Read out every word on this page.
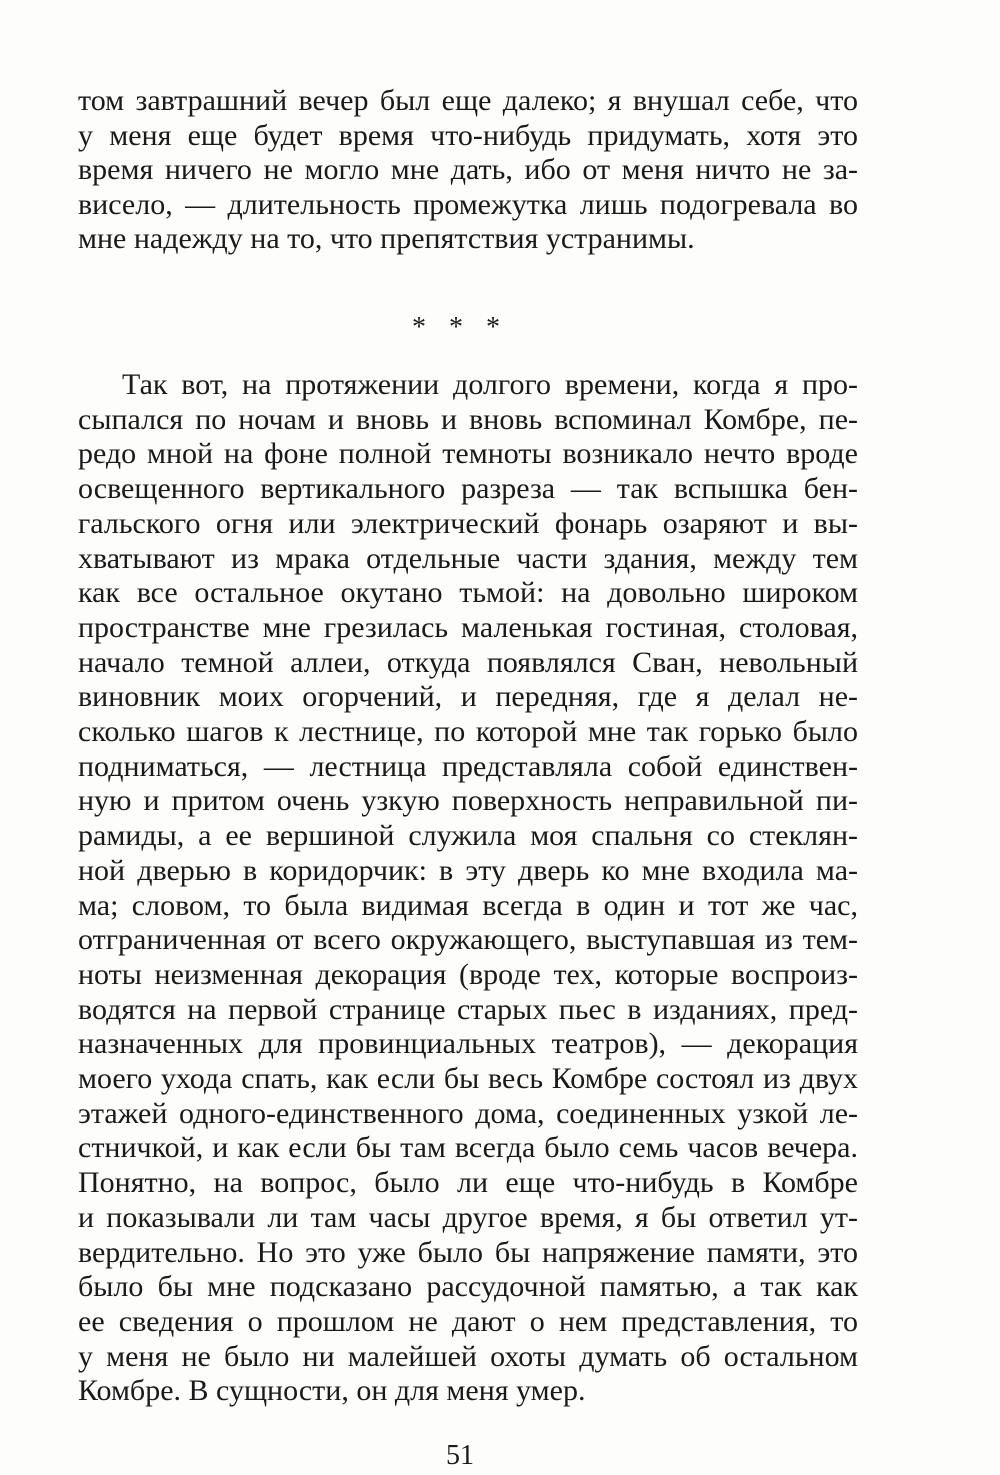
том завтрашний вечер был еще далеко; я внушал себе, что
у меня еще будет время что-нибудь придумать, хотя это
время ничего не могло мне дать, ибо от меня ничто не за-
висело, — длительность промежутка лишь подогревала во
мне надежду на то, что препятствия устранимы.
* * *
Так вот, на протяжении долгого времени, когда я про-
сыпался по ночам и вновь и вновь вспоминал Комбре, пе-
редо мной на фоне полной темноты возникало нечто вроде
освещенного вертикального разреза — так вспышка бен-
гальского огня или электрический фонарь озаряют и вы-
хватывают из мрака отдельные части здания, между тем
как все остальное окутано тьмой: на довольно широком
пространстве мне грезилась маленькая гостиная, столовая,
начало темной аллеи, откуда появлялся Сван, невольный
виновник моих огорчений, и передняя, где я делал не-
сколько шагов к лестнице, по которой мне так горько было
подниматься, — лестница представляла собой единствен-
ную и притом очень узкую поверхность неправильной пи-
рамиды, а ее вершиной служила моя спальня со стеклян-
ной дверью в коридорчик: в эту дверь ко мне входила ма-
ма; словом, то была видимая всегда в один и тот же час,
отграниченная от всего окружающего, выступавшая из тем-
ноты неизменная декорация (вроде тех, которые воспроиз-
водятся на первой странице старых пьес в изданиях, пред-
назначенных для провинциальных театров), — декорация
моего ухода спать, как если бы весь Комбре состоял из двух
этажей одного-единственного дома, соединенных узкой ле-
стничкой, и как если бы там всегда было семь часов вечера.
Понятно, на вопрос, было ли еще что-нибудь в Комбре
и показывали ли там часы другое время, я бы ответил ут-
вердительно. Но это уже было бы напряжение памяти, это
было бы мне подсказано рассудочной памятью, а так как
ее сведения о прошлом не дают о нем представления, то
у меня не было ни малейшей охоты думать об остальном
Комбре. В сущности, он для меня умер.
51
